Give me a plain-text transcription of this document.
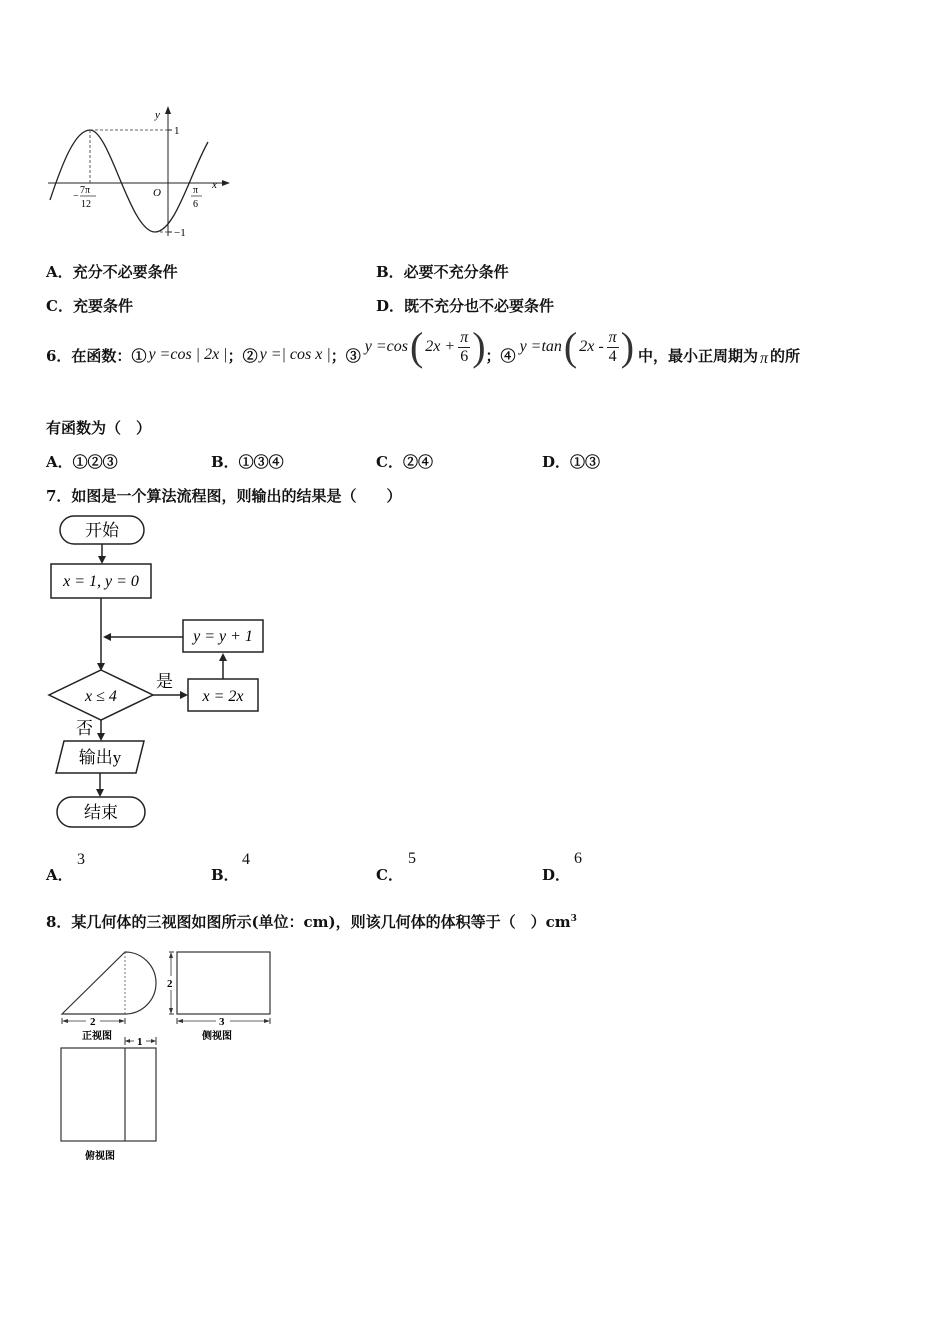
y
x
O
1
−1
−
7π
12
π
6
A．充分不必要条件	B．必要不充分条件
C．充要条件	D．既不充分也不必要条件
6．在函数：① y =cos | 2x | ；② y =| cos x | ；③ y =cos ( $2x + \frac{\pi}{6}$ ) ；④ y =tan ( $2x - \frac{\pi}{4}$ ) 中，最小正周期为 π 的所
有函数为（　）
A．①②③	B．①③④	C．②④	D．①③
7．如图是一个算法流程图，则输出的结果是（　　）
开始
x = 1, y = 0
y = y + 1
x ≤ 4
是
x = 2x
否
输出y
结束
A．
3
B．
4
C．
5
D．
6
8．某几何体的三视图如图所示(单位：cm)，则该几何体的体积等于（　）$cm^3$
2
正视图
2
3
侧视图
1
俯视图
